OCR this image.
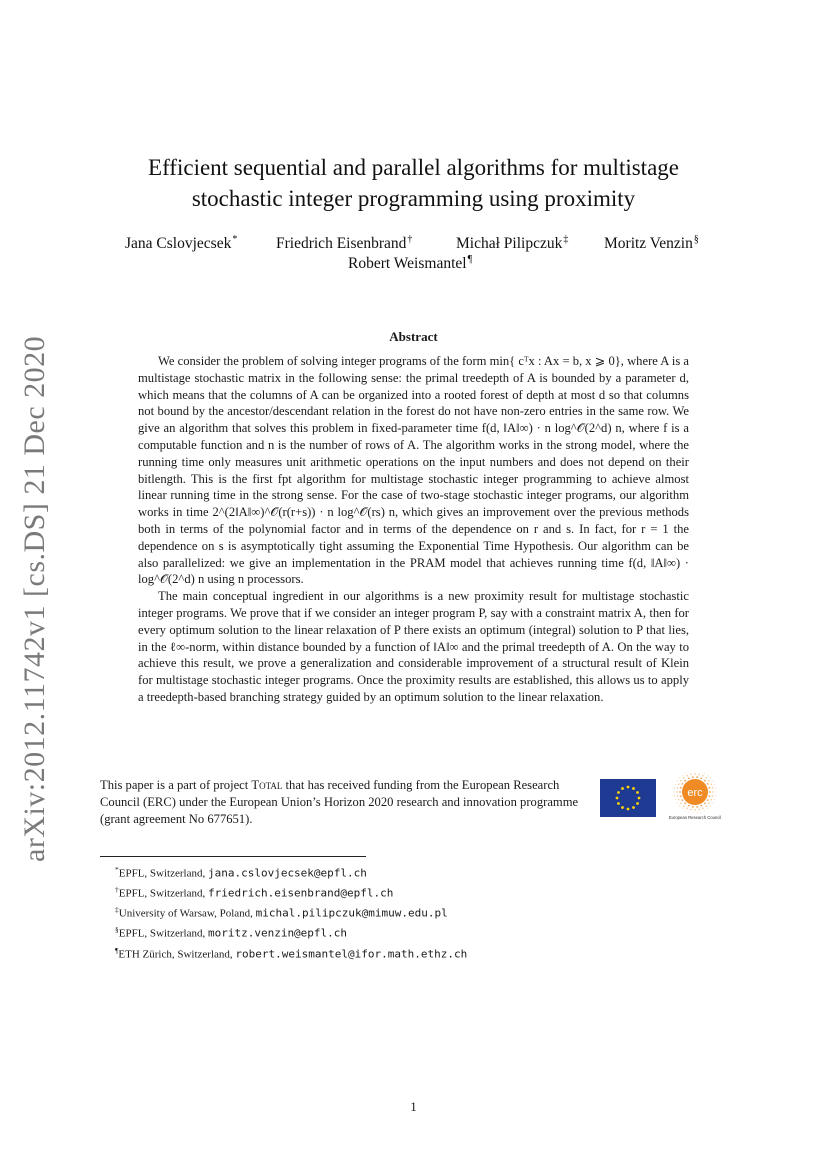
arXiv:2012.11742v1 [cs.DS] 21 Dec 2020
Efficient sequential and parallel algorithms for multistage
stochastic integer programming using proximity
Jana Cslovjecsek* Friedrich Eisenbrand†	Michał Pilipczuk‡ Moritz Venzin§
Robert Weismantel¶
Abstract

We consider the problem of solving integer programs of the form min{ cᵀx : Ax = b, x ⩾ 0}, where A is a multistage stochastic matrix in the following sense: the primal treedepth of A is bounded by a parameter d, which means that the columns of A can be organized into a rooted forest of depth at most d so that columns not bound by the ancestor/descendant relation in the forest do not have non-zero entries in the same row. We give an algorithm that solves this problem in fixed-parameter time f(d, ‖A‖∞) · n log^𝒪(2^d) n, where f is a computable function and n is the number of rows of A. The algorithm works in the strong model, where the running time only measures unit arithmetic operations on the input numbers and does not depend on their bitlength. This is the first fpt algorithm for multistage stochastic integer programming to achieve almost linear running time in the strong sense. For the case of two-stage stochastic integer programs, our algorithm works in time 2^(2‖A‖∞)^𝒪(r(r+s)) · n log^𝒪(rs) n, which gives an improvement over the previous methods both in terms of the polynomial factor and in terms of the dependence on r and s. In fact, for r = 1 the dependence on s is asymptotically tight assuming the Exponential Time Hypothesis. Our algorithm can be also parallelized: we give an implementation in the PRAM model that achieves running time f(d, ‖A‖∞) · log^𝒪(2^d) n using n processors.

The main conceptual ingredient in our algorithms is a new proximity result for multistage stochastic integer programs. We prove that if we consider an integer program P, say with a constraint matrix A, then for every optimum solution to the linear relaxation of P there exists an optimum (integral) solution to P that lies, in the ℓ∞-norm, within distance bounded by a function of ‖A‖∞ and the primal treedepth of A. On the way to achieve this result, we prove a generalization and considerable improvement of a structural result of Klein for multistage stochastic integer programs. Once the proximity results are established, this allows us to apply a treedepth-based branching strategy guided by an optimum solution to the linear relaxation.

This paper is a part of project Total that has received funding from the European Research Council (ERC) under the European Union’s Horizon 2020 research and innovation programme (grant agreement No 677651).
erc
European Research Council
*EPFL, Switzerland, jana.cslovjecsek@epfl.ch
†EPFL, Switzerland, friedrich.eisenbrand@epfl.ch
‡University of Warsaw, Poland, michal.pilipczuk@mimuw.edu.pl
§EPFL, Switzerland, moritz.venzin@epfl.ch
¶ETH Zürich, Switzerland, robert.weismantel@ifor.math.ethz.ch
1
